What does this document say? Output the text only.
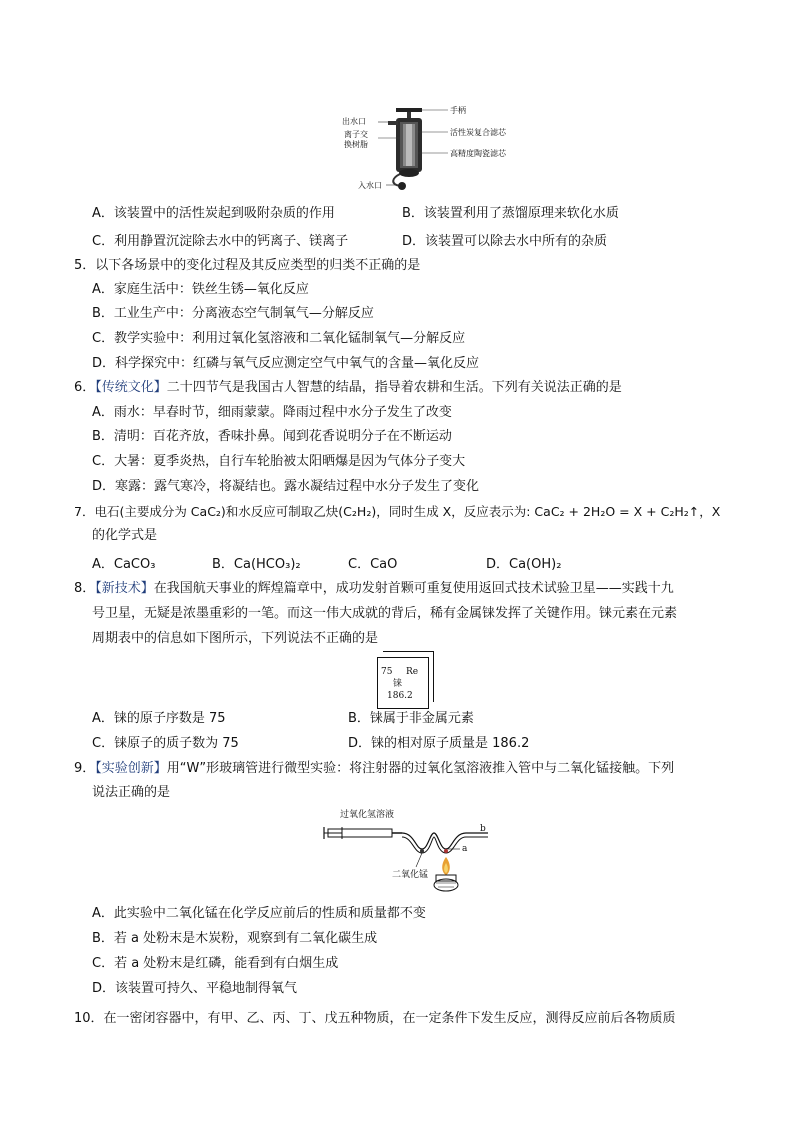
手柄
出水口
离子交
换树脂
活性炭复合滤芯
高精度陶瓷滤芯
入水口
A．该装置中的活性炭起到吸附杂质的作用	B．该装置利用了蒸馏原理来软化水质
C．利用静置沉淀除去水中的钙离子、镁离子	D．该装置可以除去水中所有的杂质
5．以下各场景中的变化过程及其反应类型的归类不正确的是
A．家庭生活中：铁丝生锈—氧化反应
B．工业生产中：分离液态空气制氧气—分解反应
C．教学实验中：利用过氧化氢溶液和二氧化锰制氧气—分解反应
D．科学探究中：红磷与氧气反应测定空气中氧气的含量—氧化反应
6．【传统文化】二十四节气是我国古人智慧的结晶，指导着农耕和生活。下列有关说法正确的是
A．雨水：早春时节，细雨蒙蒙。降雨过程中水分子发生了改变
B．清明：百花齐放，香味扑鼻。闻到花香说明分子在不断运动
C．大暑：夏季炎热，自行车轮胎被太阳晒爆是因为气体分子变大
D．寒露：露气寒冷，将凝结也。露水凝结过程中水分子发生了变化
7．电石(主要成分为 CaC₂)和水反应可制取乙炔(C₂H₂)，同时生成 X，反应表示为: CaC₂ + 2H₂O = X + C₂H₂↑，X
的化学式是
A．CaCO₃	B．Ca(HCO₃)₂	C．CaO	D．Ca(OH)₂
8．【新技术】在我国航天事业的辉煌篇章中，成功发射首颗可重复使用返回式技术试验卫星——实践十九
号卫星，无疑是浓墨重彩的一笔。而这一伟大成就的背后，稀有金属铼发挥了关键作用。铼元素在元素
周期表中的信息如下图所示，下列说法不正确的是
75 Re
铼
186.2
A．铼的原子序数是 75	B．铼属于非金属元素
C．铼原子的质子数为 75	D．铼的相对原子质量是 186.2
9．【实验创新】用“W”形玻璃管进行微型实验：将注射器的过氧化氢溶液推入管中与二氧化锰接触。下列
说法正确的是
过氧化氢溶液
二氧化锰
b
a
A．此实验中二氧化锰在化学反应前后的性质和质量都不变
B．若 a 处粉末是木炭粉，观察到有二氧化碳生成
C．若 a 处粉末是红磷，能看到有白烟生成
D．该装置可持久、平稳地制得氧气
10．在一密闭容器中，有甲、乙、丙、丁、戊五种物质，在一定条件下发生反应，测得反应前后各物质质
